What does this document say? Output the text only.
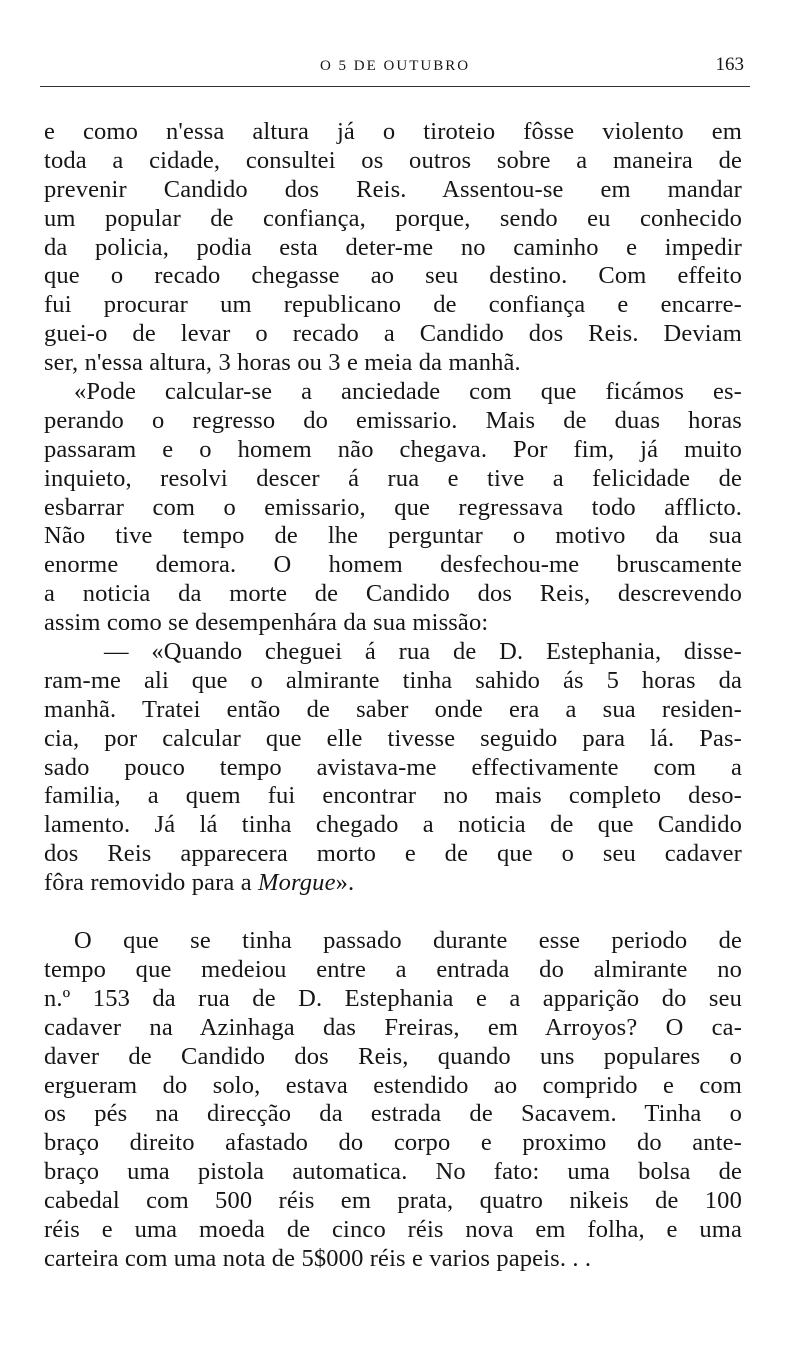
O 5 DE OUTUBRO	163
e como n'essa altura já o tiroteio fôsse violento em
toda a cidade, consultei os outros sobre a maneira de
prevenir Candido dos Reis. Assentou-se em mandar
um popular de confiança, porque, sendo eu conhecido
da policia, podia esta deter-me no caminho e impedir
que o recado chegasse ao seu destino. Com effeito
fui procurar um republicano de confiança e encarre-
guei-o de levar o recado a Candido dos Reis. Deviam
ser, n'essa altura, 3 horas ou 3 e meia da manhã.
«Pode calcular-se a anciedade com que ficámos es-
perando o regresso do emissario. Mais de duas horas
passaram e o homem não chegava. Por fim, já muito
inquieto, resolvi descer á rua e tive a felicidade de
esbarrar com o emissario, que regressava todo afflicto.
Não tive tempo de lhe perguntar o motivo da sua
enorme demora. O homem desfechou-me bruscamente
a noticia da morte de Candido dos Reis, descrevendo
assim como se desempenhára da sua missão:
— «Quando cheguei á rua de D. Estephania, disse-
ram-me ali que o almirante tinha sahido ás 5 horas da
manhã. Tratei então de saber onde era a sua residen-
cia, por calcular que elle tivesse seguido para lá. Pas-
sado pouco tempo avistava-me effectivamente com a
familia, a quem fui encontrar no mais completo deso-
lamento. Já lá tinha chegado a noticia de que Candido
dos Reis apparecera morto e de que o seu cadaver
fôra removido para a Morgue».
O que se tinha passado durante esse periodo de
tempo que medeiou entre a entrada do almirante no
n.º 153 da rua de D. Estephania e a apparição do seu
cadaver na Azinhaga das Freiras, em Arroyos? O ca-
daver de Candido dos Reis, quando uns populares o
ergueram do solo, estava estendido ao comprido e com
os pés na direcção da estrada de Sacavem. Tinha o
braço direito afastado do corpo e proximo do ante-
braço uma pistola automatica. No fato: uma bolsa de
cabedal com 500 réis em prata, quatro nikeis de 100
réis e uma moeda de cinco réis nova em folha, e uma
carteira com uma nota de 5$000 réis e varios papeis. . .
